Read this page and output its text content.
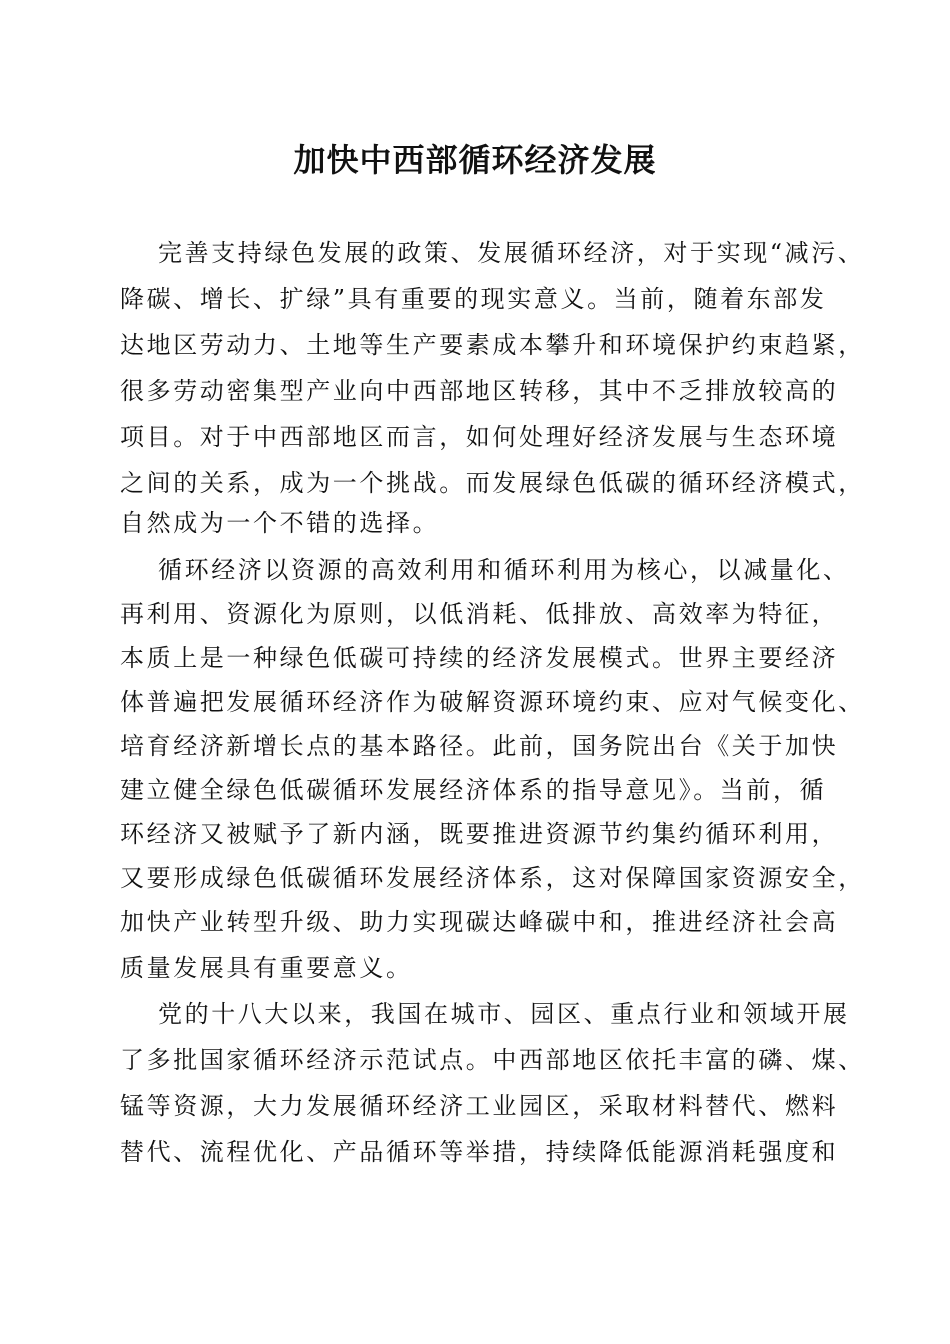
加快中西部循环经济发展

完善支持绿色发展的政策、发展循环经济，对于实现“减污、

降碳、增长、扩绿”具有重要的现实意义。当前，随着东部发

达地区劳动力、土地等生产要素成本攀升和环境保护约束趋紧，

很多劳动密集型产业向中西部地区转移，其中不乏排放较高的

项目。对于中西部地区而言，如何处理好经济发展与生态环境

之间的关系，成为一个挑战。而发展绿色低碳的循环经济模式，

自然成为一个不错的选择。

循环经济以资源的高效利用和循环利用为核心，以减量化、

再利用、资源化为原则，以低消耗、低排放、高效率为特征，

本质上是一种绿色低碳可持续的经济发展模式。世界主要经济

体普遍把发展循环经济作为破解资源环境约束、应对气候变化、

培育经济新增长点的基本路径。此前，国务院出台《关于加快

建立健全绿色低碳循环发展经济体系的指导意见》。当前，循

环经济又被赋予了新内涵，既要推进资源节约集约循环利用，

又要形成绿色低碳循环发展经济体系，这对保障国家资源安全，

加快产业转型升级、助力实现碳达峰碳中和，推进经济社会高

质量发展具有重要意义。

党的十八大以来，我国在城市、园区、重点行业和领域开展

了多批国家循环经济示范试点。中西部地区依托丰富的磷、煤、

锰等资源，大力发展循环经济工业园区，采取材料替代、燃料

替代、流程优化、产品循环等举措，持续降低能源消耗强度和
